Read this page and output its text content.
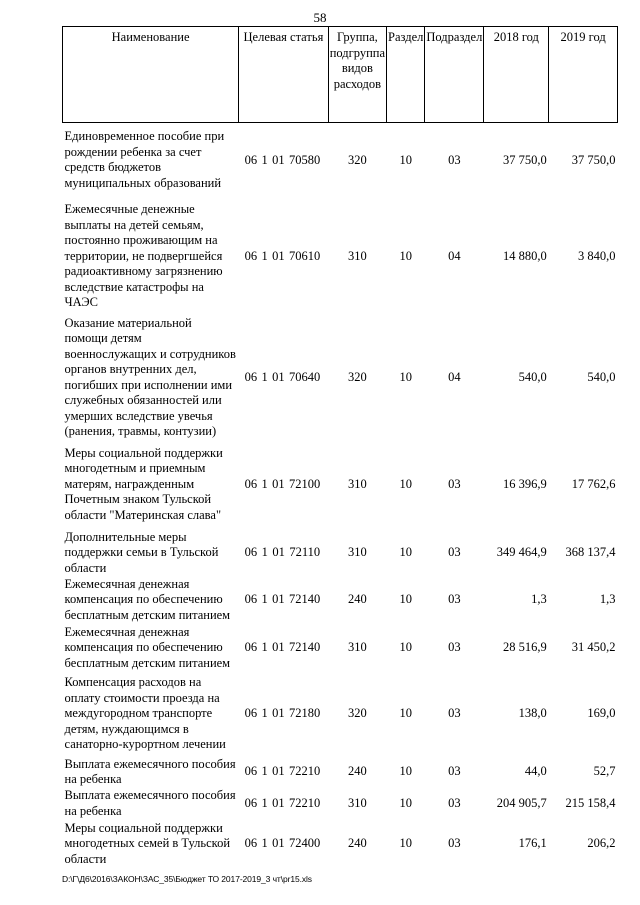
58
Наименование	Целевая статья	Группа, подгруппа видов расходов	Раздел	Подраздел	2018 год	2019 год
Единовременное пособие при рождении ребенка за счет средств бюджетов муниципальных образований	06 1 01 70580	320	10	03	37 750,0	37 750,0
Ежемесячные денежные выплаты на детей семьям, постоянно проживающим на территории, не подвергшейся радиоактивному загрязнению вследствие катастрофы на ЧАЭС	06 1 01 70610	310	10	04	14 880,0	3 840,0
Оказание материальной помощи детям военнослужащих и сотрудников органов внутренних дел, погибших при исполнении ими служебных обязанностей или умерших вследствие увечья (ранения, травмы, контузии)	06 1 01 70640	320	10	04	540,0	540,0
Меры социальной поддержки многодетным и приемным матерям, награжденным Почетным знаком Тульской области "Материнская слава"	06 1 01 72100	310	10	03	16 396,9	17 762,6
Дополнительные меры поддержки семьи в Тульской области	06 1 01 72110	310	10	03	349 464,9	368 137,4
Ежемесячная денежная компенсация по обеспечению бесплатным детским питанием	06 1 01 72140	240	10	03	1,3	1,3
Ежемесячная денежная компенсация по обеспечению бесплатным детским питанием	06 1 01 72140	310	10	03	28 516,9	31 450,2
Компенсация расходов на оплату стоимости проезда на междугородном транспорте детям, нуждающимся в санаторно-курортном лечении	06 1 01 72180	320	10	03	138,0	169,0
Выплата ежемесячного пособия на ребенка	06 1 01 72210	240	10	03	44,0	52,7
Выплата ежемесячного пособия на ребенка	06 1 01 72210	310	10	03	204 905,7	215 158,4
Меры социальной поддержки многодетных семей в Тульской области	06 1 01 72400	240	10	03	176,1	206,2
D:\Г\Д6\2016\ЗАКОН\ЗАС_35\Бюджет ТО 2017-2019_3 чт\pr15.xls
